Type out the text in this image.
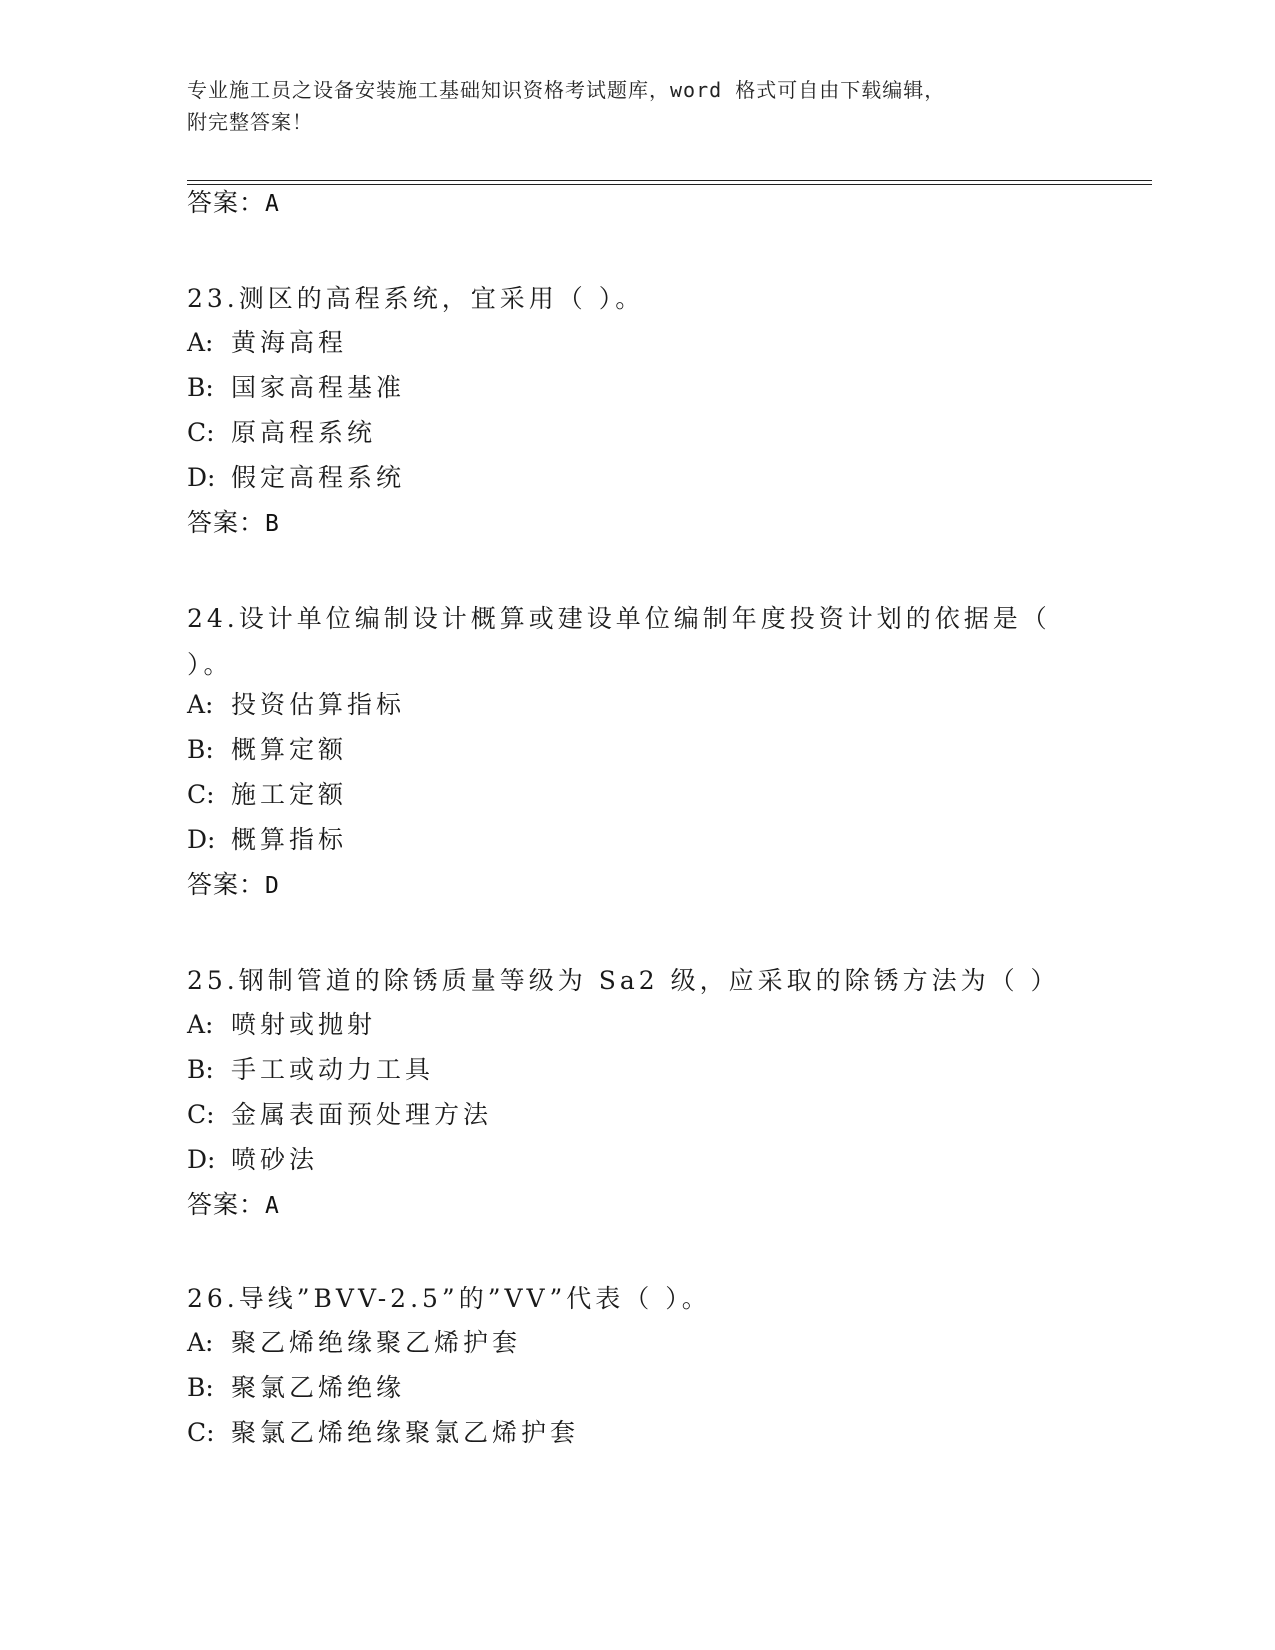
专业施工员之设备安装施工基础知识资格考试题库，word 格式可自由下载编辑，
附完整答案！
答案：A
23.测区的高程系统，宜采用（ ）。
A: 黄海高程
B: 国家高程基准
C: 原高程系统
D: 假定高程系统
答案：B
24.设计单位编制设计概算或建设单位编制年度投资计划的依据是（
）。
A: 投资估算指标
B: 概算定额
C: 施工定额
D: 概算指标
答案：D
25.钢制管道的除锈质量等级为 Sa2 级，应采取的除锈方法为（ ）
A: 喷射或抛射
B: 手工或动力工具
C: 金属表面预处理方法
D: 喷砂法
答案：A
26.导线”BVV-2.5”的”VV”代表（ ）。
A: 聚乙烯绝缘聚乙烯护套
B: 聚氯乙烯绝缘
C: 聚氯乙烯绝缘聚氯乙烯护套
